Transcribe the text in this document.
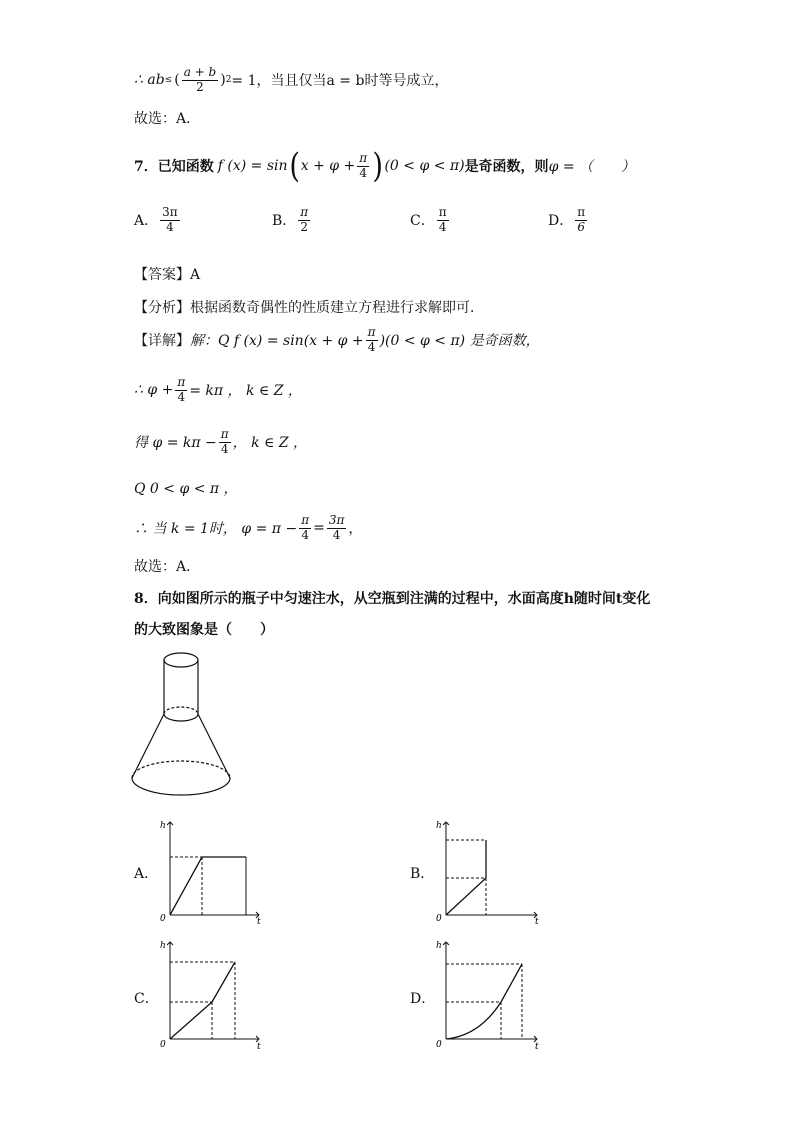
∴ ab ≤ ( $\frac{a + b}{2}$ ) 2 = 1，当且仅当a = b时等号成立，
故选：A．
7．已知函数 f (x) = sin ( $x + \varphi + \frac{\pi}{4}$ ) (0 < φ < π) 是奇函数，则 φ = （　　）
A． $\frac{3\pi}{4}$	B． $\frac{\pi}{2}$	C． $\frac{\pi}{4}$	D． $\frac{\pi}{6}$
【答案】A
【分析】根据函数奇偶性的性质建立方程进行求解即可．
【详解】 解：Q f $(x) = \sin(x + \varphi + \frac{\pi}{4} )(0 < \varphi < \pi)$ 是奇函数，
∴ $\varphi + \frac{\pi}{4} = k\pi$ ， k ∈ Z ，
得 $\varphi = k\pi - \frac{\pi}{4}$ ， k ∈ Z ，
Q 0 < φ < π ，
∴ 当 k = 1时， $\varphi = \pi - \frac{\pi}{4} = \frac{3\pi}{4}$ ，
故选：A．
8．向如图所示的瓶子中匀速注水，从空瓶到注满的过程中，水面高度h随时间t变化
的大致图象是（　　）
A．
h
t
0
B．
h
t
0
C．
h
t
0
D．
h
t
0
